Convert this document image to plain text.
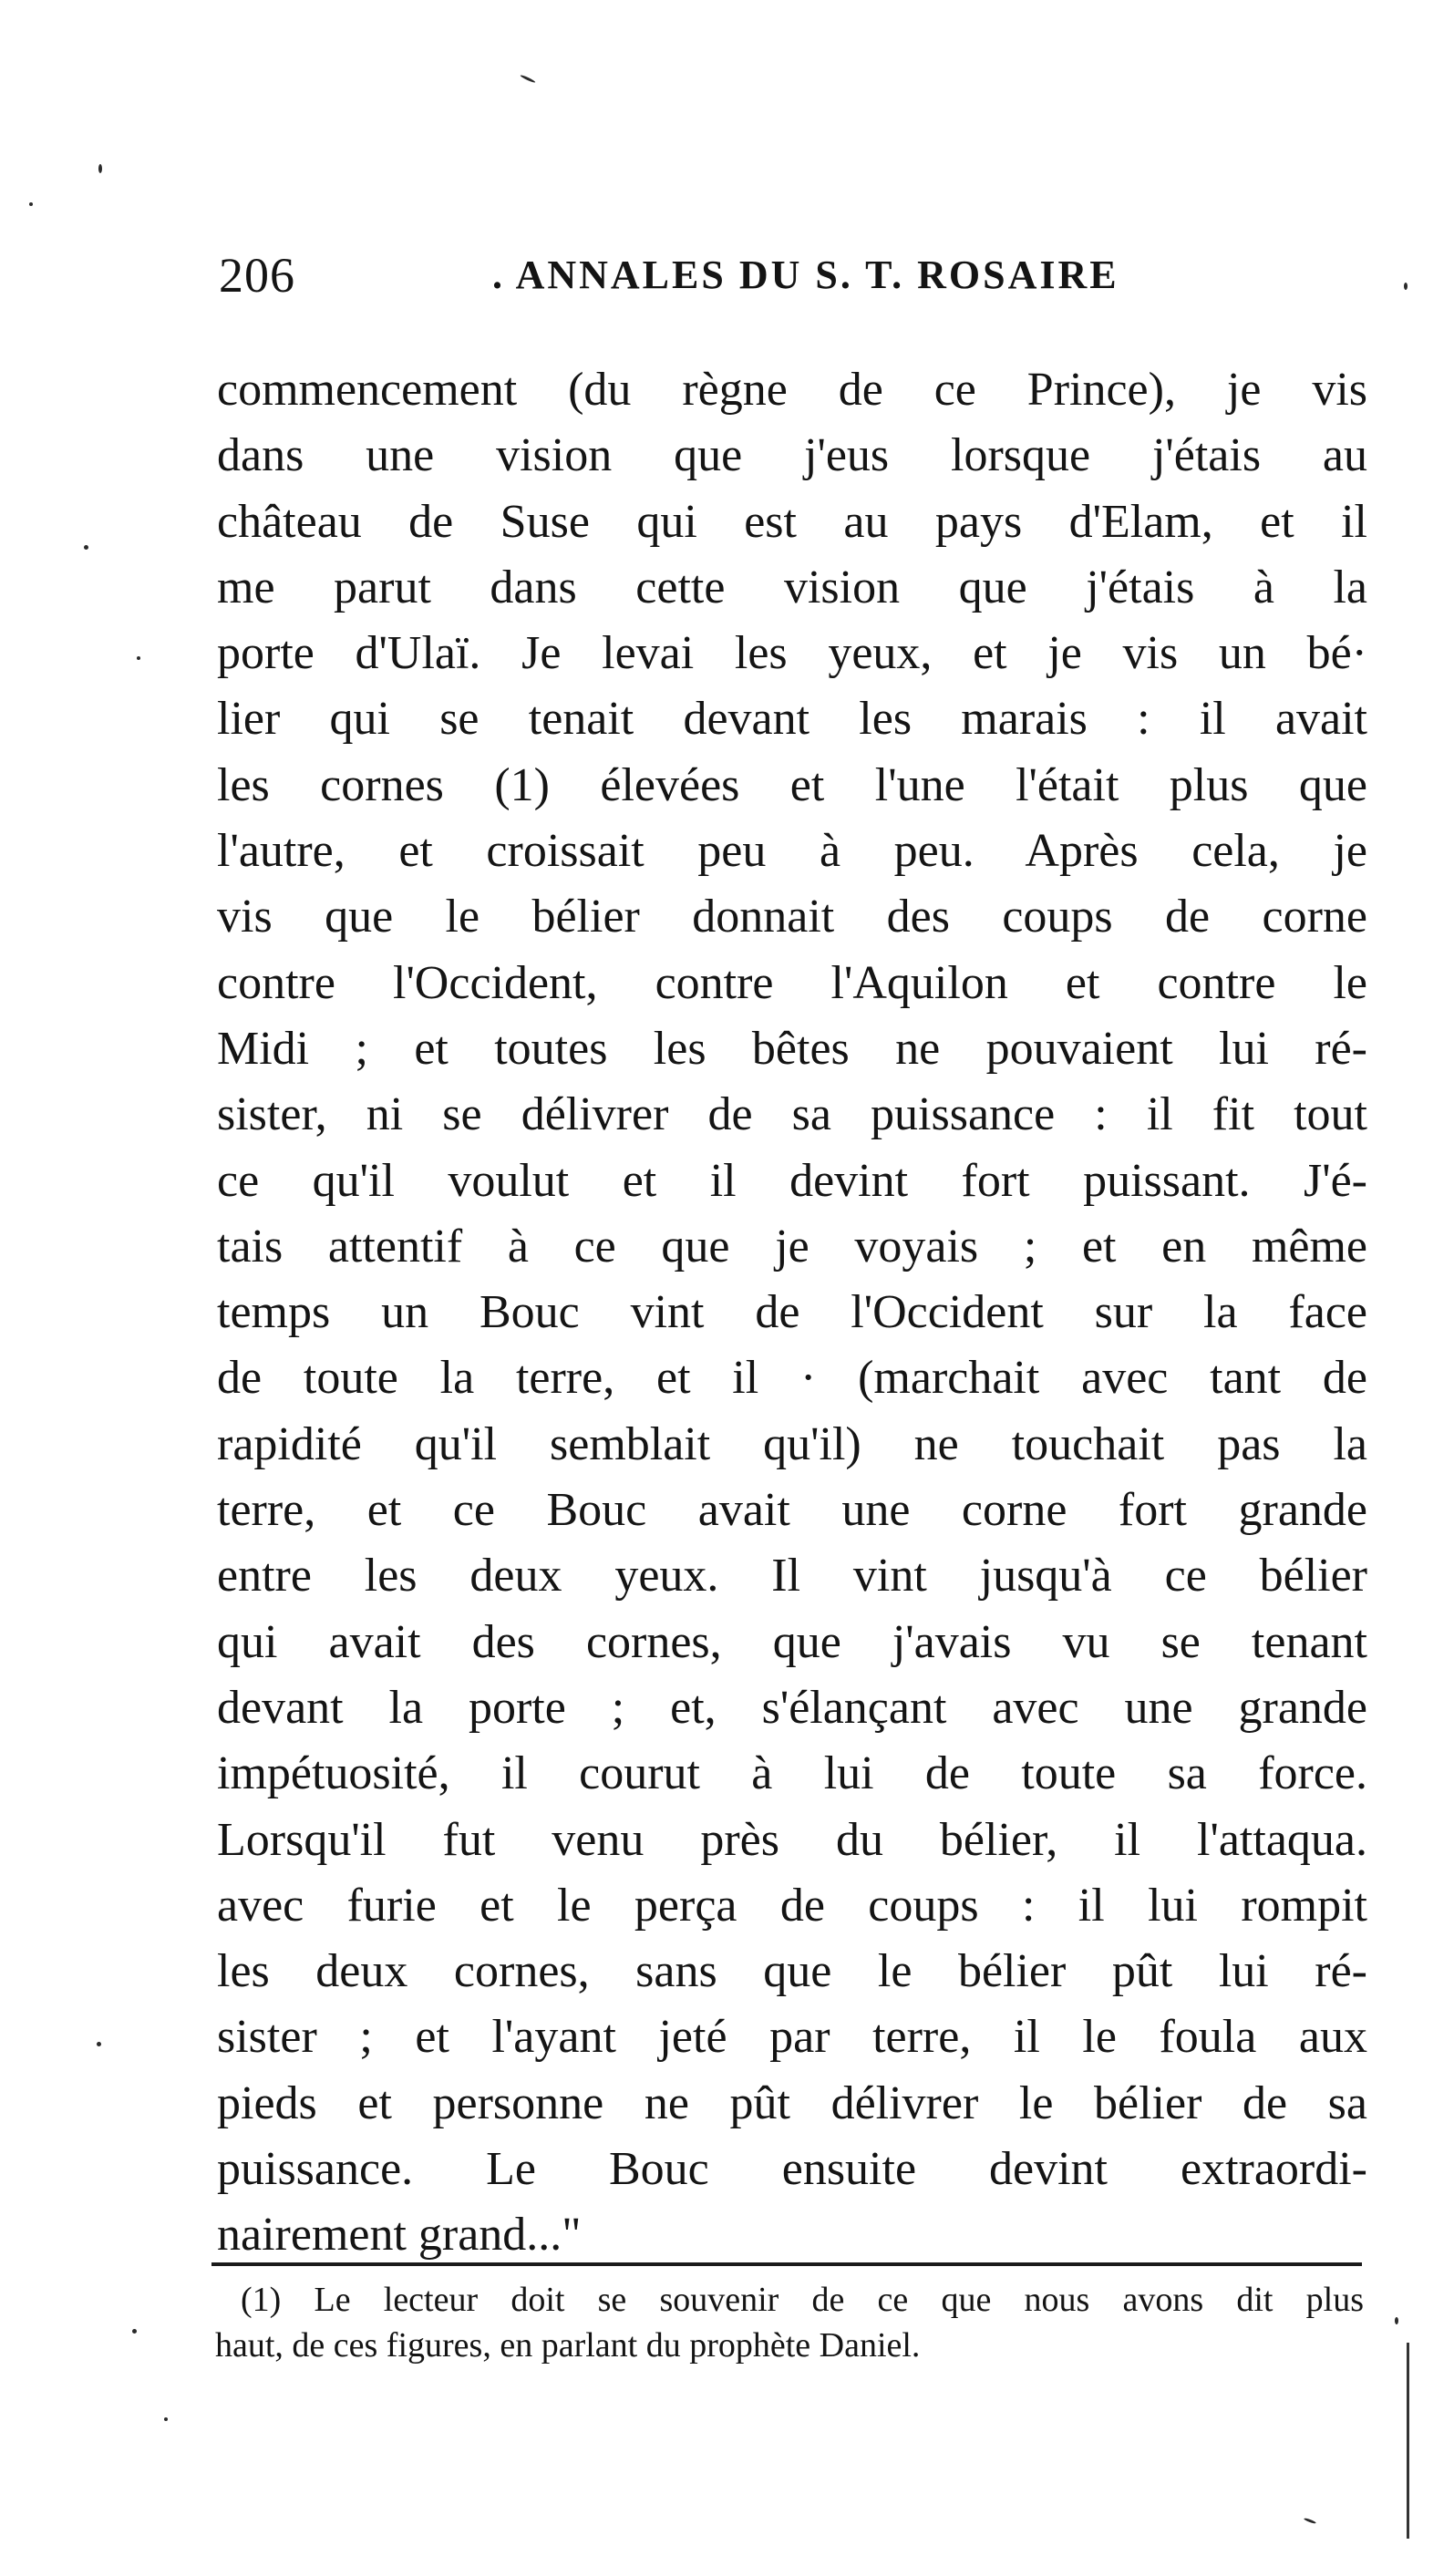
206	. ANNALES DU S. T. ROSAIRE
commencement (du règne de ce Prince), je vis
dans une vision que j'eus lorsque j'étais au
château de Suse qui est au pays d'Elam, et il
me parut dans cette vision que j'étais à la
porte d'Ulaï. Je levai les yeux, et je vis un bé·
lier qui se tenait devant les marais : il avait
les cornes (1) élevées et l'une l'était plus que
l'autre, et croissait peu à peu. Après cela, je
vis que le bélier donnait des coups de corne
contre l'Occident, contre l'Aquilon et contre le
Midi ; et toutes les bêtes ne pouvaient lui ré-
sister, ni se délivrer de sa puissance : il fit tout
ce qu'il voulut et il devint fort puissant. J'é-
tais attentif à ce que je voyais ; et en même
temps un Bouc vint de l'Occident sur la face
de toute la terre, et il · (marchait avec tant de
rapidité qu'il semblait qu'il) ne touchait pas la
terre, et ce Bouc avait une corne fort grande
entre les deux yeux. Il vint jusqu'à ce bélier
qui avait des cornes, que j'avais vu se tenant
devant la porte ; et, s'élançant avec une grande
impétuosité, il courut à lui de toute sa force.
Lorsqu'il fut venu près du bélier, il l'attaqua.
avec furie et le perça de coups : il lui rompit
les deux cornes, sans que le bélier pût lui ré-
sister ; et l'ayant jeté par terre, il le foula aux
pieds et personne ne pût délivrer le bélier de sa
puissance. Le Bouc ensuite devint extraordi-
nairement grand..."
(1) Le lecteur doit se souvenir de ce que nous avons dit plus
haut, de ces figures, en parlant du prophète Daniel.
